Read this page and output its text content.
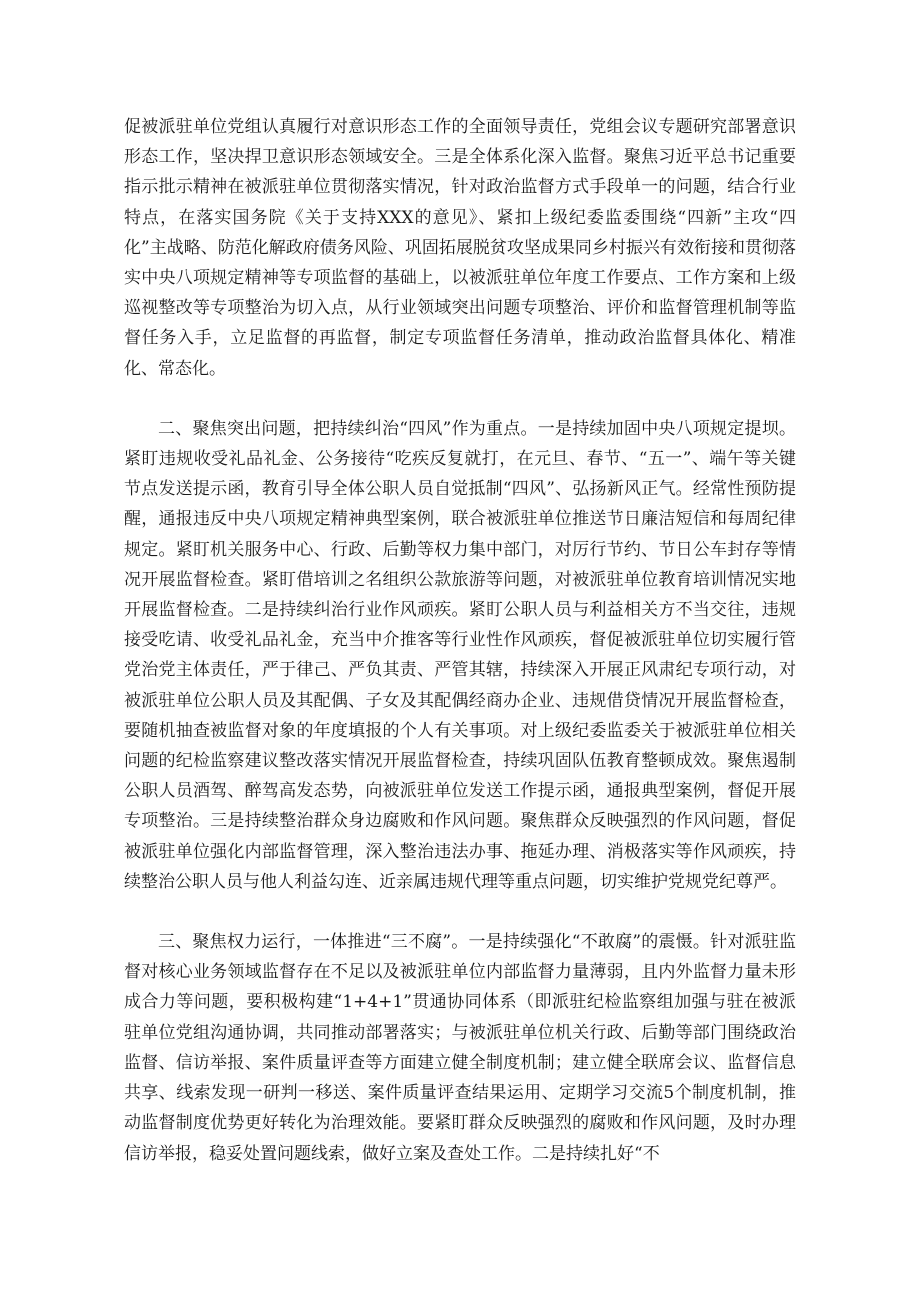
促被派驻单位党组认真履行对意识形态工作的全面领导责任，党组会议专题研究部署意识形态工作，坚决捍卫意识形态领域安全。三是全体系化深入监督。聚焦习近平总书记重要指示批示精神在被派驻单位贯彻落实情况，针对政治监督方式手段单一的问题，结合行业特点，在落实国务院《关于支持XXX的意见》、紧扣上级纪委监委围绕“四新”主攻“四化”主战略、防范化解政府债务风险、巩固拓展脱贫攻坚成果同乡村振兴有效衔接和贯彻落实中央八项规定精神等专项监督的基础上，以被派驻单位年度工作要点、工作方案和上级巡视整改等专项整治为切入点，从行业领域突出问题专项整治、评价和监督管理机制等监督任务入手，立足监督的再监督，制定专项监督任务清单，推动政治监督具体化、精准化、常态化。

二、聚焦突出问题，把持续纠治“四风”作为重点。一是持续加固中央八项规定提坝。紧盯违规收受礼品礼金、公务接待“吃疾反复就打，在元旦、春节、“五一”、端午等关键节点发送提示函，教育引导全体公职人员自觉抵制“四风”、弘扬新风正气。经常性预防提醒，通报违反中央八项规定精神典型案例，联合被派驻单位推送节日廉洁短信和每周纪律规定。紧盯机关服务中心、行政、后勤等权力集中部门，对厉行节约、节日公车封存等情况开展监督检查。紧盯借培训之名组织公款旅游等问题，对被派驻单位教育培训情况实地开展监督检查。二是持续纠治行业作风顽疾。紧盯公职人员与利益相关方不当交往，违规接受吃请、收受礼品礼金，充当中介推客等行业性作风顽疾，督促被派驻单位切实履行管党治党主体责任，严于律己、严负其责、严管其辖，持续深入开展正风肃纪专项行动，对被派驻单位公职人员及其配偶、子女及其配偶经商办企业、违规借贷情况开展监督检查，要随机抽查被监督对象的年度填报的个人有关事项。对上级纪委监委关于被派驻单位相关问题的纪检监察建议整改落实情况开展监督检查，持续巩固队伍教育整顿成效。聚焦遏制公职人员酒驾、醉驾高发态势，向被派驻单位发送工作提示函，通报典型案例，督促开展专项整治。三是持续整治群众身边腐败和作风问题。聚焦群众反映强烈的作风问题，督促被派驻单位强化内部监督管理，深入整治违法办事、拖延办理、消极落实等作风顽疾，持续整治公职人员与他人利益勾连、近亲属违规代理等重点问题，切实维护党规党纪尊严。

三、聚焦权力运行，一体推进“三不腐”。一是持续强化“不敢腐”的震慑。针对派驻监督对核心业务领域监督存在不足以及被派驻单位内部监督力量薄弱，且内外监督力量未形成合力等问题，要积极构建“1+4+1”贯通协同体系（即派驻纪检监察组加强与驻在被派驻单位党组沟通协调，共同推动部署落实；与被派驻单位机关行政、后勤等部门围绕政治监督、信访举报、案件质量评查等方面建立健全制度机制；建立健全联席会议、监督信息共享、线索发现一研判一移送、案件质量评查结果运用、定期学习交流5个制度机制，推动监督制度优势更好转化为治理效能。要紧盯群众反映强烈的腐败和作风问题，及时办理信访举报，稳妥处置问题线索，做好立案及查处工作。二是持续扎好“不
